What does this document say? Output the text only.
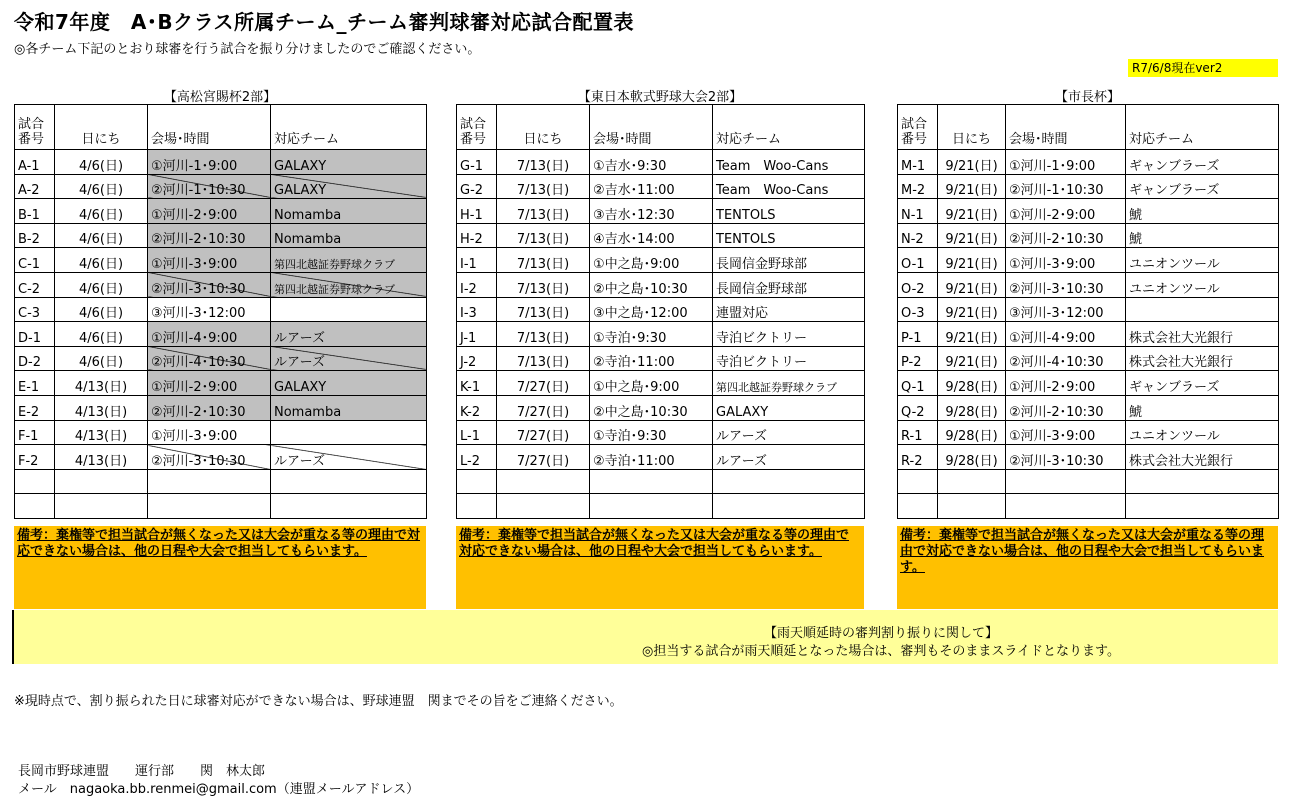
令和7年度　A･Bクラス所属チーム_チーム審判球審対応試合配置表
◎各チーム下記のとおり球審を行う試合を振り分けましたのでご確認ください。
R7/6/8現在ver2
【高松宮賜杯2部】	【東日本軟式野球大会2部】	【市長杯】
試合
番号	日にち	会場･時間	対応チーム
A-1	4/6(日)	①河川-1･9:00	GALAXY
A-2	4/6(日)	②河川-1･10:30	GALAXY
B-1	4/6(日)	①河川-2･9:00	Nomamba
B-2	4/6(日)	②河川-2･10:30	Nomamba
C-1	4/6(日)	①河川-3･9:00	第四北越証券野球クラブ
C-2	4/6(日)	②河川-3･10:30	第四北越証券野球クラブ
C-3	4/6(日)	③河川-3･12:00	
D-1	4/6(日)	①河川-4･9:00	ルアーズ
D-2	4/6(日)	②河川-4･10:30	ルアーズ
E-1	4/13(日)	①河川-2･9:00	GALAXY
E-2	4/13(日)	②河川-2･10:30	Nomamba
F-1	4/13(日)	①河川-3･9:00	
F-2	4/13(日)	②河川-3･10:30	ルアーズ

試合
番号	日にち	会場･時間	対応チーム
G-1	7/13(日)	①吉水･9:30	Team　Woo-Cans
G-2	7/13(日)	②吉水･11:00	Team　Woo-Cans
H-1	7/13(日)	③吉水･12:30	TENTOLS
H-2	7/13(日)	④吉水･14:00	TENTOLS
I-1	7/13(日)	①中之島･9:00	長岡信金野球部
I-2	7/13(日)	②中之島･10:30	長岡信金野球部
I-3	7/13(日)	③中之島･12:00	連盟対応
J-1	7/13(日)	①寺泊･9:30	寺泊ビクトリー
J-2	7/13(日)	②寺泊･11:00	寺泊ビクトリー
K-1	7/27(日)	①中之島･9:00	第四北越証券野球クラブ
K-2	7/27(日)	②中之島･10:30	GALAXY
L-1	7/27(日)	①寺泊･9:30	ルアーズ
L-2	7/27(日)	②寺泊･11:00	ルアーズ

試合
番号	日にち	会場･時間	対応チーム
M-1	9/21(日)	①河川-1･9:00	ギャンブラーズ
M-2	9/21(日)	②河川-1･10:30	ギャンブラーズ
N-1	9/21(日)	①河川-2･9:00	鯱
N-2	9/21(日)	②河川-2･10:30	鯱
O-1	9/21(日)	①河川-3･9:00	ユニオンツール
O-2	9/21(日)	②河川-3･10:30	ユニオンツール
O-3	9/21(日)	③河川-3･12:00	
P-1	9/21(日)	①河川-4･9:00	株式会社大光銀行
P-2	9/21(日)	②河川-4･10:30	株式会社大光銀行
Q-1	9/28(日)	①河川-2･9:00	ギャンブラーズ
Q-2	9/28(日)	②河川-2･10:30	鯱
R-1	9/28(日)	①河川-3･9:00	ユニオンツール
R-2	9/28(日)	②河川-3･10:30	株式会社大光銀行

備考：棄権等で担当試合が無くなった又は大会が重なる等の理由で対応できない場合は、他の日程や大会で担当してもらいます。
備考：棄権等で担当試合が無くなった又は大会が重なる等の理由で対応できない場合は、他の日程や大会で担当してもらいます。
備考：棄権等で担当試合が無くなった又は大会が重なる等の理由で対応できない場合は、他の日程や大会で担当してもらいます。
【雨天順延時の審判割り振りに関して】
◎担当する試合が雨天順延となった場合は、審判もそのままスライドとなります。
※現時点で、割り振られた日に球審対応ができない場合は、野球連盟　関までその旨をご連絡ください。
長岡市野球連盟　　運行部　　関　林太郎
メール　nagaoka.bb.renmei@gmail.com（連盟メールアドレス）
